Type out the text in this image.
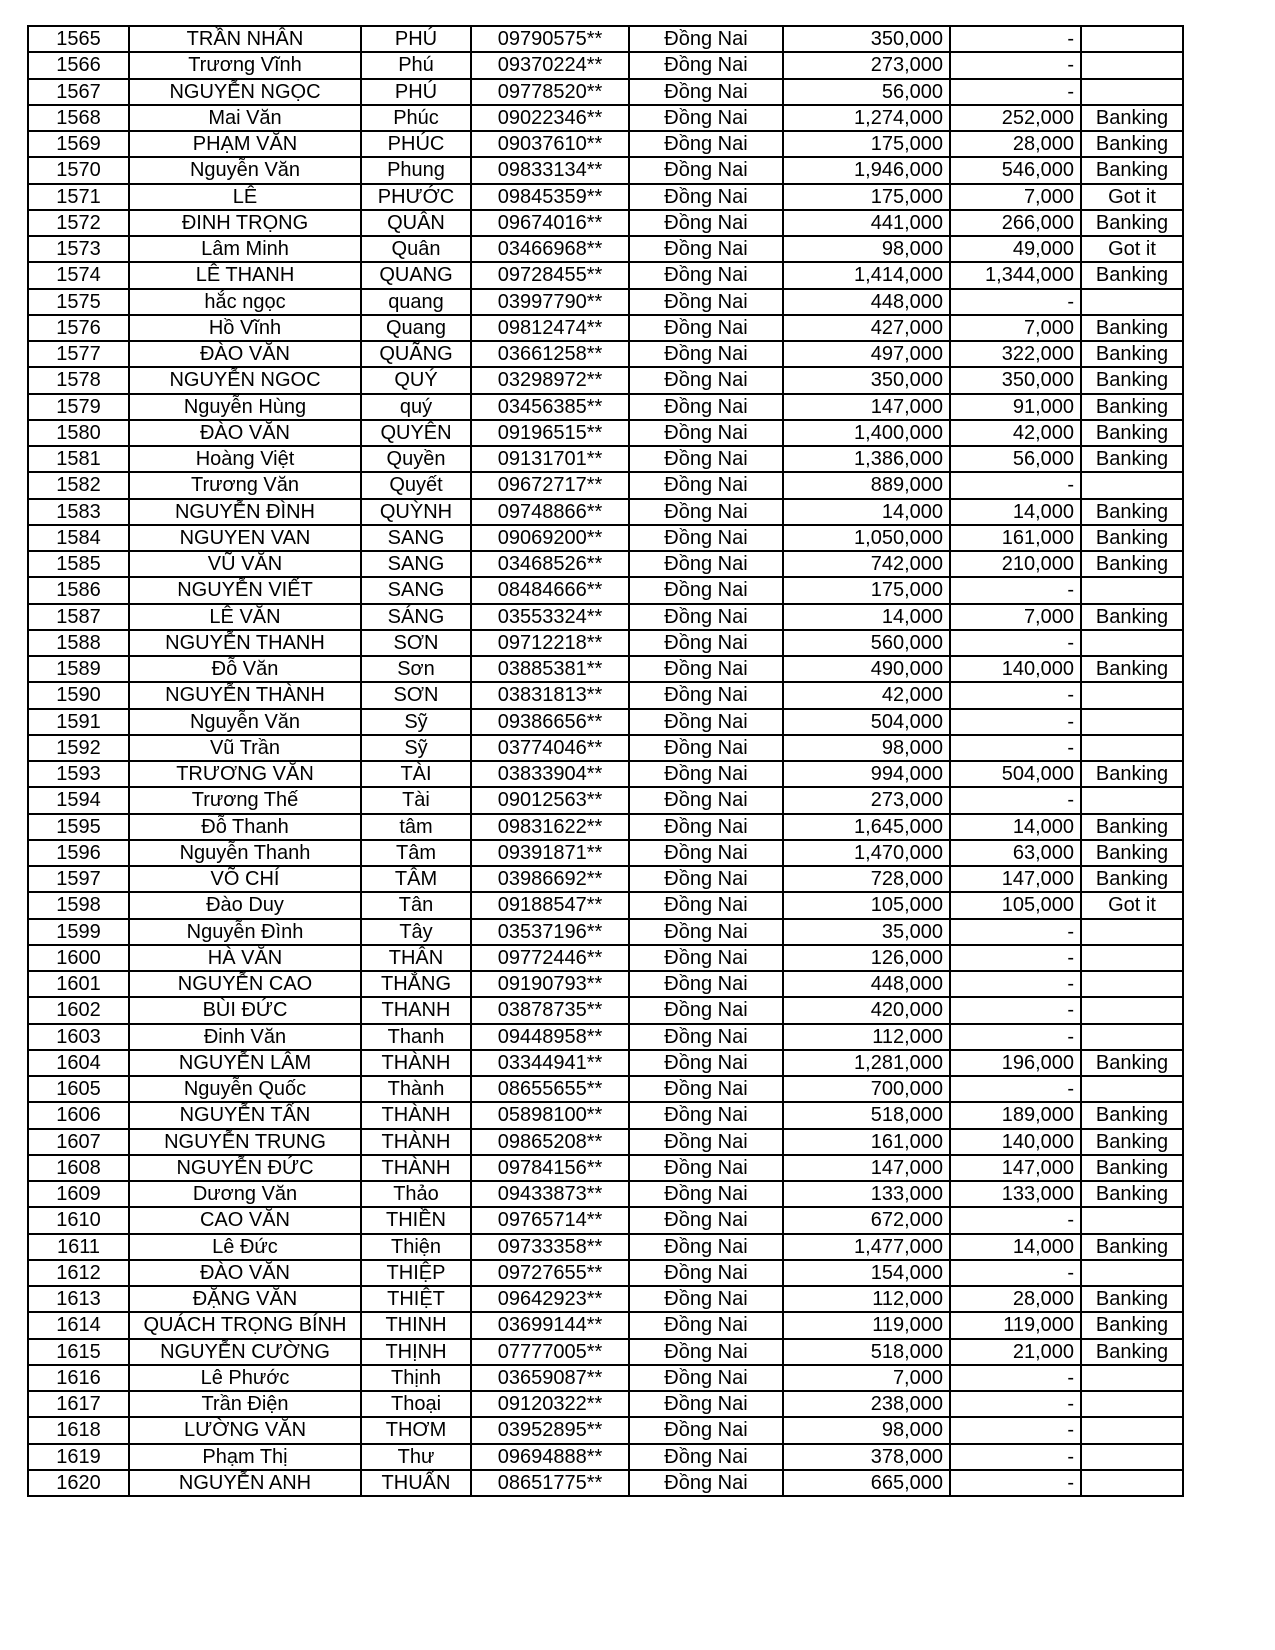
1565	TRẦN NHÂN	PHÚ	09790575**	Đồng Nai	350,000	-	
1566	Trương Vĩnh	Phú	09370224**	Đồng Nai	273,000	-	
1567	NGUYỄN NGỌC	PHÚ	09778520**	Đồng Nai	56,000	-	
1568	Mai Văn	Phúc	09022346**	Đồng Nai	1,274,000	252,000	Banking
1569	PHẠM VĂN	PHÚC	09037610**	Đồng Nai	175,000	28,000	Banking
1570	Nguyễn Văn	Phung	09833134**	Đồng Nai	1,946,000	546,000	Banking
1571	LÊ	PHƯỚC	09845359**	Đồng Nai	175,000	7,000	Got it
1572	ĐINH TRỌNG	QUÂN	09674016**	Đồng Nai	441,000	266,000	Banking
1573	Lâm Minh	Quân	03466968**	Đồng Nai	98,000	49,000	Got it
1574	LÊ THANH	QUANG	09728455**	Đồng Nai	1,414,000	1,344,000	Banking
1575	hắc ngọc	quang	03997790**	Đồng Nai	448,000	-	
1576	Hồ Vĩnh	Quang	09812474**	Đồng Nai	427,000	7,000	Banking
1577	ĐÀO VĂN	QUÃNG	03661258**	Đồng Nai	497,000	322,000	Banking
1578	NGUYỄN NGOC	QUÝ	03298972**	Đồng Nai	350,000	350,000	Banking
1579	Nguyễn Hùng	quý	03456385**	Đồng Nai	147,000	91,000	Banking
1580	ĐÀO VĂN	QUYÊN	09196515**	Đồng Nai	1,400,000	42,000	Banking
1581	Hoàng Việt	Quyền	09131701**	Đồng Nai	1,386,000	56,000	Banking
1582	Trương Văn	Quyết	09672717**	Đồng Nai	889,000	-	
1583	NGUYỄN ĐÌNH	QUỲNH	09748866**	Đồng Nai	14,000	14,000	Banking
1584	NGUYEN VAN	SANG	09069200**	Đồng Nai	1,050,000	161,000	Banking
1585	VŨ VĂN	SANG	03468526**	Đồng Nai	742,000	210,000	Banking
1586	NGUYỄN VIẾT	SANG	08484666**	Đồng Nai	175,000	-	
1587	LÊ VĂN	SÁNG	03553324**	Đồng Nai	14,000	7,000	Banking
1588	NGUYỄN THANH	SƠN	09712218**	Đồng Nai	560,000	-	
1589	Đỗ Văn	Sơn	03885381**	Đồng Nai	490,000	140,000	Banking
1590	NGUYỄN THÀNH	SƠN	03831813**	Đồng Nai	42,000	-	
1591	Nguyễn Văn	Sỹ	09386656**	Đồng Nai	504,000	-	
1592	Vũ Trần	Sỹ	03774046**	Đồng Nai	98,000	-	
1593	TRƯƠNG VĂN	TÀI	03833904**	Đồng Nai	994,000	504,000	Banking
1594	Trương Thế	Tài	09012563**	Đồng Nai	273,000	-	
1595	Đỗ Thanh	tâm	09831622**	Đồng Nai	1,645,000	14,000	Banking
1596	Nguyễn Thanh	Tâm	09391871**	Đồng Nai	1,470,000	63,000	Banking
1597	VÕ CHÍ	TÂM	03986692**	Đồng Nai	728,000	147,000	Banking
1598	Đào Duy	Tân	09188547**	Đồng Nai	105,000	105,000	Got it
1599	Nguyễn Đình	Tây	03537196**	Đồng Nai	35,000	-	
1600	HÀ VĂN	THÂN	09772446**	Đồng Nai	126,000	-	
1601	NGUYỄN CAO	THẮNG	09190793**	Đồng Nai	448,000	-	
1602	BÙI ĐỨC	THANH	03878735**	Đồng Nai	420,000	-	
1603	Đinh Văn	Thanh	09448958**	Đồng Nai	112,000	-	
1604	NGUYỄN LÂM	THÀNH	03344941**	Đồng Nai	1,281,000	196,000	Banking
1605	Nguyễn Quốc	Thành	08655655**	Đồng Nai	700,000	-	
1606	NGUYỄN TẤN	THÀNH	05898100**	Đồng Nai	518,000	189,000	Banking
1607	NGUYỄN TRUNG	THÀNH	09865208**	Đồng Nai	161,000	140,000	Banking
1608	NGUYỄN ĐỨC	THÀNH	09784156**	Đồng Nai	147,000	147,000	Banking
1609	Dương Văn	Thảo	09433873**	Đồng Nai	133,000	133,000	Banking
1610	CAO VĂN	THIỀN	09765714**	Đồng Nai	672,000	-	
1611	Lê Đức	Thiện	09733358**	Đồng Nai	1,477,000	14,000	Banking
1612	ĐÀO VĂN	THIỆP	09727655**	Đồng Nai	154,000	-	
1613	ĐẶNG VĂN	THIỆT	09642923**	Đồng Nai	112,000	28,000	Banking
1614	QUÁCH TRỌNG BÍNH	THINH	03699144**	Đồng Nai	119,000	119,000	Banking
1615	NGUYỄN CƯỜNG	THỊNH	07777005**	Đồng Nai	518,000	21,000	Banking
1616	Lê Phước	Thịnh	03659087**	Đồng Nai	7,000	-	
1617	Trần Điện	Thoại	09120322**	Đồng Nai	238,000	-	
1618	LƯỜNG VĂN	THƠM	03952895**	Đồng Nai	98,000	-	
1619	Phạm Thị	Thư	09694888**	Đồng Nai	378,000	-	
1620	NGUYỄN ANH	THUẤN	08651775**	Đồng Nai	665,000	-	
